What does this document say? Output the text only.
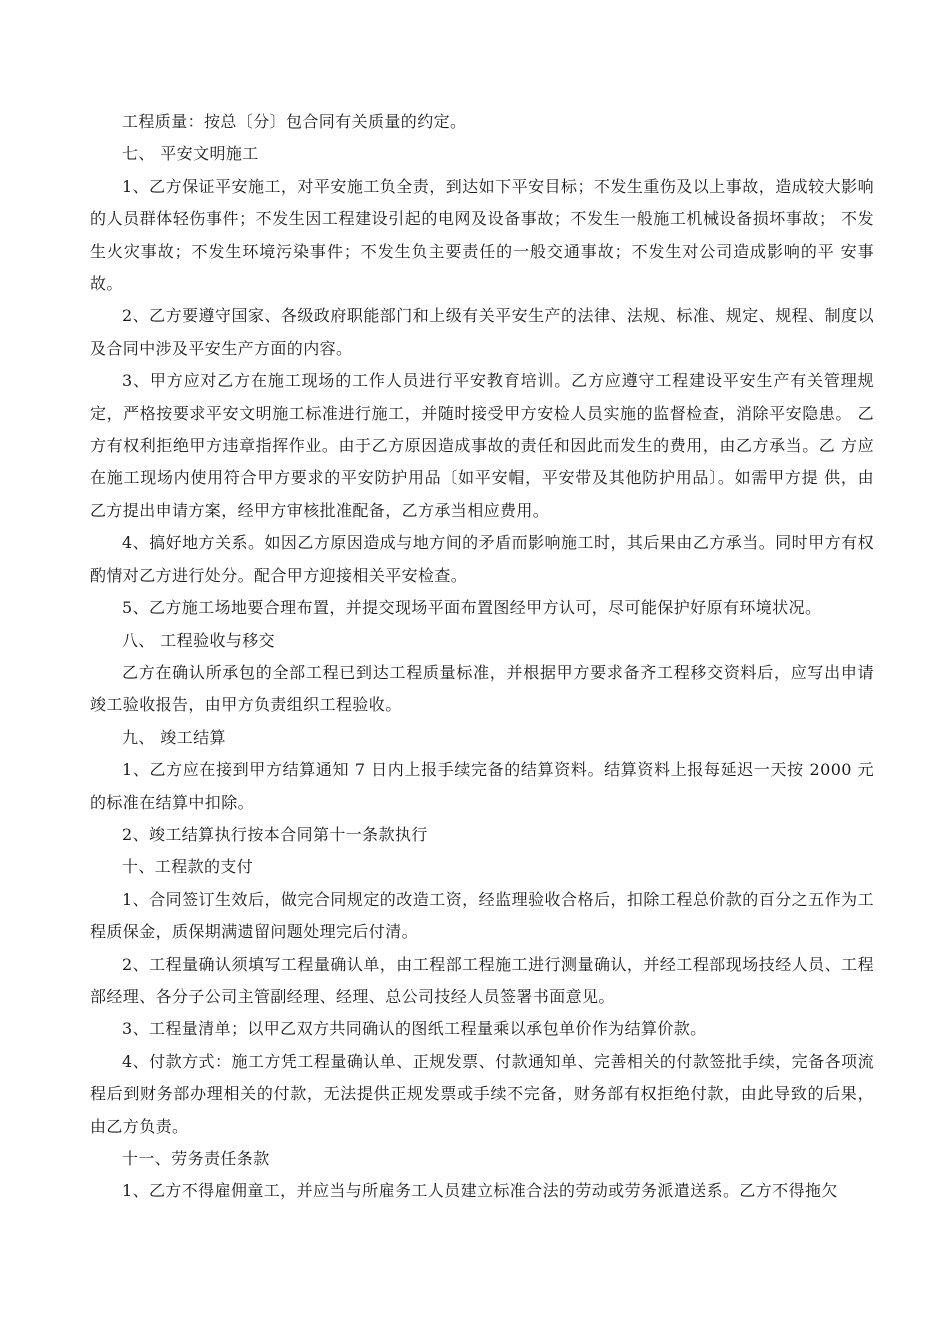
工程质量：按总〔分〕包合同有关质量的约定。

七、 平安文明施工

1、乙方保证平安施工，对平安施工负全责，到达如下平安目标；不发生重伤及以上事故，造成较大影响的人员群体轻伤事件；不发生因工程建设引起的电网及设备事故；不发生一般施工机械设备损坏事故； 不发生火灾事故；不发生环境污染事件；不发生负主要责任的一般交通事故；不发生对公司造成影响的平 安事故。

2、乙方要遵守国家、各级政府职能部门和上级有关平安生产的法律、法规、标准、规定、规程、制度以及合同中涉及平安生产方面的内容。

3、甲方应对乙方在施工现场的工作人员进行平安教育培训。乙方应遵守工程建设平安生产有关管理规定，严格按要求平安文明施工标准进行施工，并随时接受甲方安检人员实施的监督检查，消除平安隐患。 乙方有权利拒绝甲方违章指挥作业。由于乙方原因造成事故的责任和因此而发生的费用，由乙方承当。乙 方应在施工现场内使用符合甲方要求的平安防护用品〔如平安帽，平安带及其他防护用品〕。如需甲方提 供，由乙方提出申请方案，经甲方审核批准配备，乙方承当相应费用。

4、搞好地方关系。如因乙方原因造成与地方间的矛盾而影响施工时，其后果由乙方承当。同时甲方有权酌情对乙方进行处分。配合甲方迎接相关平安检查。

5、乙方施工场地要合理布置，并提交现场平面布置图经甲方认可，尽可能保护好原有环境状况。

八、 工程验收与移交

乙方在确认所承包的全部工程已到达工程质量标准，并根据甲方要求备齐工程移交资料后，应写出申请竣工验收报告，由甲方负责组织工程验收。

九、 竣工结算

1、乙方应在接到甲方结算通知 7 日内上报手续完备的结算资料。结算资料上报每延迟一天按 2000 元的标准在结算中扣除。

2、竣工结算执行按本合同第十一条款执行

十、工程款的支付

1、合同签订生效后，做完合同规定的改造工资，经监理验收合格后，扣除工程总价款的百分之五作为工程质保金，质保期满遗留问题处理完后付清。

2、工程量确认须填写工程量确认单，由工程部工程施工进行测量确认，并经工程部现场技经人员、工程部经理、各分子公司主管副经理、经理、总公司技经人员签署书面意见。

3、工程量清单；以甲乙双方共同确认的图纸工程量乘以承包单价作为结算价款。

4、付款方式：施工方凭工程量确认单、正规发票、付款通知单、完善相关的付款签批手续，完备各项流程后到财务部办理相关的付款，无法提供正规发票或手续不完备，财务部有权拒绝付款，由此导致的后果，由乙方负责。

十一、劳务责任条款

1、乙方不得雇佣童工，并应当与所雇务工人员建立标准合法的劳动或劳务派遣送系。乙方不得拖欠
